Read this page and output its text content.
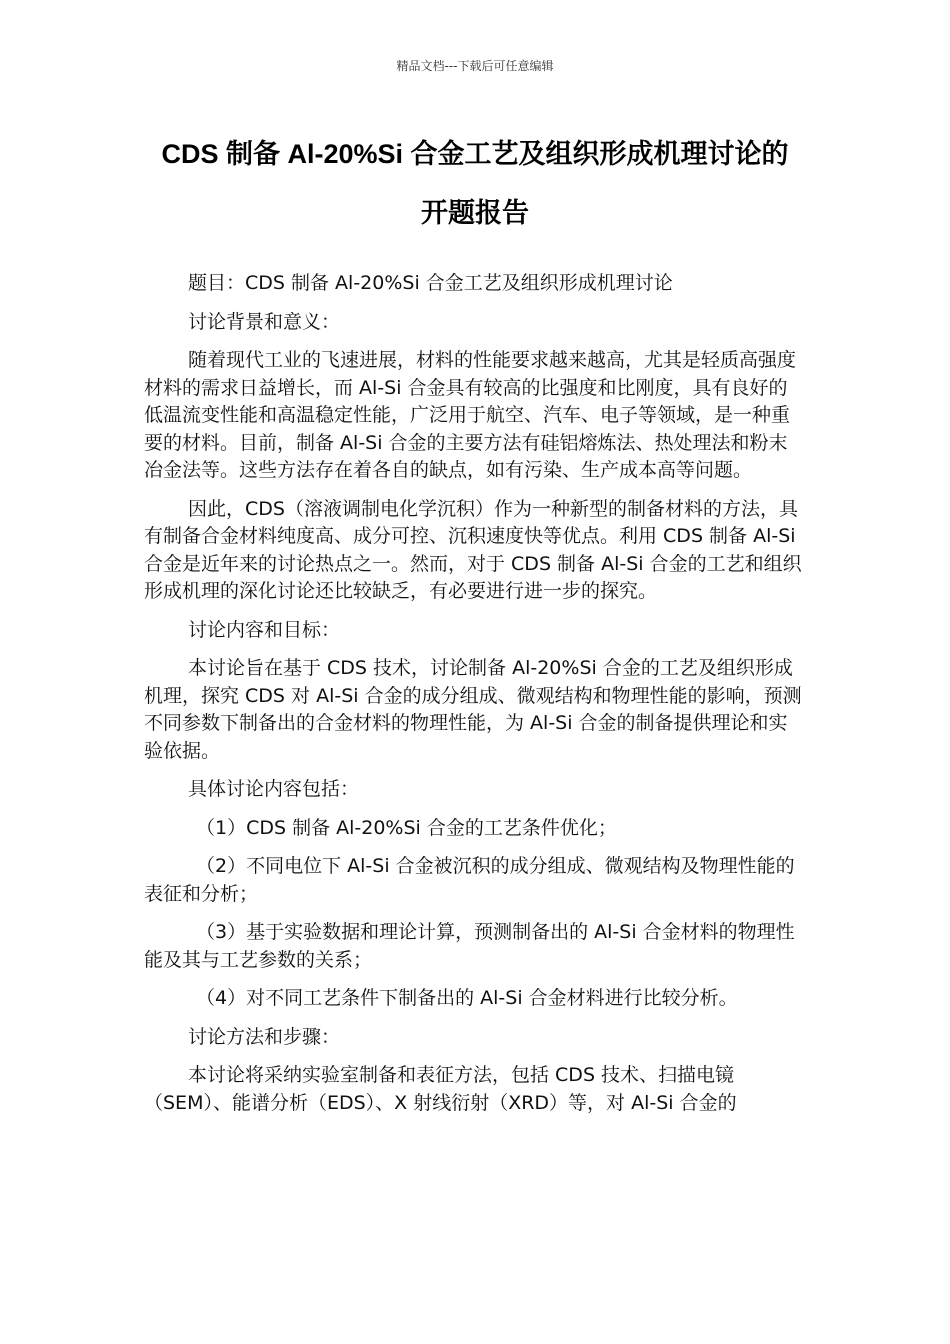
精品文档---下载后可任意编辑
CDS 制备 Al-20%Si 合金工艺及组织形成机理讨论的
开题报告

题目：CDS 制备 Al-20%Si 合金工艺及组织形成机理讨论

讨论背景和意义：

随着现代工业的飞速进展，材料的性能要求越来越高，尤其是轻质高强度材料的需求日益增长，而 Al-Si 合金具有较高的比强度和比刚度，具有良好的低温流变性能和高温稳定性能，广泛用于航空、汽车、电子等领域，是一种重要的材料。目前，制备 Al-Si 合金的主要方法有硅铝熔炼法、热处理法和粉末冶金法等。这些方法存在着各自的缺点，如有污染、生产成本高等问题。

因此，CDS（溶液调制电化学沉积）作为一种新型的制备材料的方法，具有制备合金材料纯度高、成分可控、沉积速度快等优点。利用 CDS 制备 Al-Si 合金是近年来的讨论热点之一。然而，对于 CDS 制备 Al-Si 合金的工艺和组织形成机理的深化讨论还比较缺乏，有必要进行进一步的探究。

讨论内容和目标：

本讨论旨在基于 CDS 技术，讨论制备 Al-20%Si 合金的工艺及组织形成机理，探究 CDS 对 Al-Si 合金的成分组成、微观结构和物理性能的影响，预测不同参数下制备出的合金材料的物理性能，为 Al-Si 合金的制备提供理论和实验依据。

具体讨论内容包括：

（1）CDS 制备 Al-20%Si 合金的工艺条件优化；

（2）不同电位下 Al-Si 合金被沉积的成分组成、微观结构及物理性能的表征和分析；

（3）基于实验数据和理论计算，预测制备出的 Al-Si 合金材料的物理性能及其与工艺参数的关系；

（4）对不同工艺条件下制备出的 Al-Si 合金材料进行比较分析。

讨论方法和步骤：

本讨论将采纳实验室制备和表征方法，包括 CDS 技术、扫描电镜（SEM）、能谱分析（EDS）、X 射线衍射（XRD）等，对 Al-Si 合金的
